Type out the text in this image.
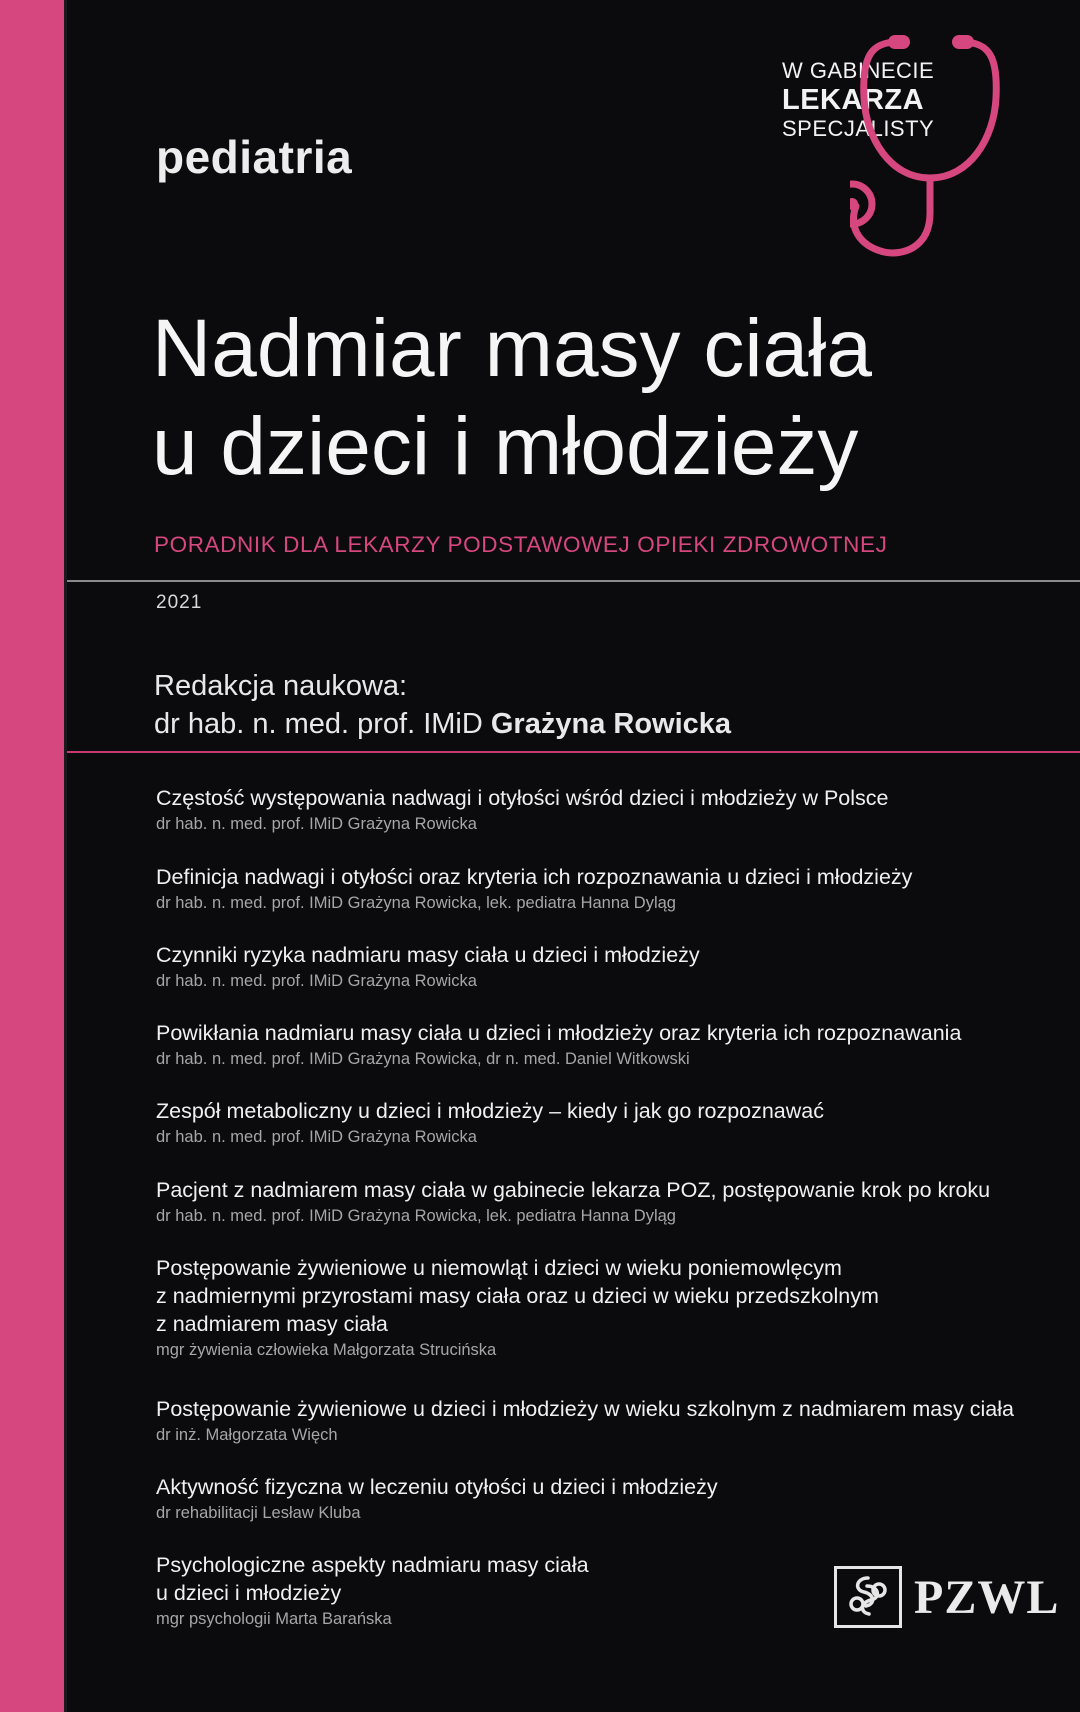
W GABINECIE
LEKARZA
SPECJALISTY
pediatria
Nadmiar masy ciała
u dzieci i młodzieży
PORADNIK DLA LEKARZY PODSTAWOWEJ OPIEKI ZDROWOTNEJ
2021
Redakcja naukowa:
dr hab. n. med. prof. IMiD Grażyna Rowicka
Częstość występowania nadwagi i otyłości wśród dzieci i młodzieży w Polsce
dr hab. n. med. prof. IMiD Grażyna Rowicka
Definicja nadwagi i otyłości oraz kryteria ich rozpoznawania u dzieci i młodzieży
dr hab. n. med. prof. IMiD Grażyna Rowicka, lek. pediatra Hanna Dyląg
Czynniki ryzyka nadmiaru masy ciała u dzieci i młodzieży
dr hab. n. med. prof. IMiD Grażyna Rowicka
Powikłania nadmiaru masy ciała u dzieci i młodzieży oraz kryteria ich rozpoznawania
dr hab. n. med. prof. IMiD Grażyna Rowicka, dr n. med. Daniel Witkowski
Zespół metaboliczny u dzieci i młodzieży – kiedy i jak go rozpoznawać
dr hab. n. med. prof. IMiD Grażyna Rowicka
Pacjent z nadmiarem masy ciała w gabinecie lekarza POZ, postępowanie krok po kroku
dr hab. n. med. prof. IMiD Grażyna Rowicka, lek. pediatra Hanna Dyląg
Postępowanie żywieniowe u niemowląt i dzieci w wieku poniemowlęcym
z nadmiernymi przyrostami masy ciała oraz u dzieci w wieku przedszkolnym
z nadmiarem masy ciała
mgr żywienia człowieka Małgorzata Strucińska
Postępowanie żywieniowe u dzieci i młodzieży w wieku szkolnym z nadmiarem masy ciała
dr inż. Małgorzata Więch
Aktywność fizyczna w leczeniu otyłości u dzieci i młodzieży
dr rehabilitacji Lesław Kluba
Psychologiczne aspekty nadmiaru masy ciała
u dzieci i młodzieży
mgr psychologii Marta Barańska	PZWL
